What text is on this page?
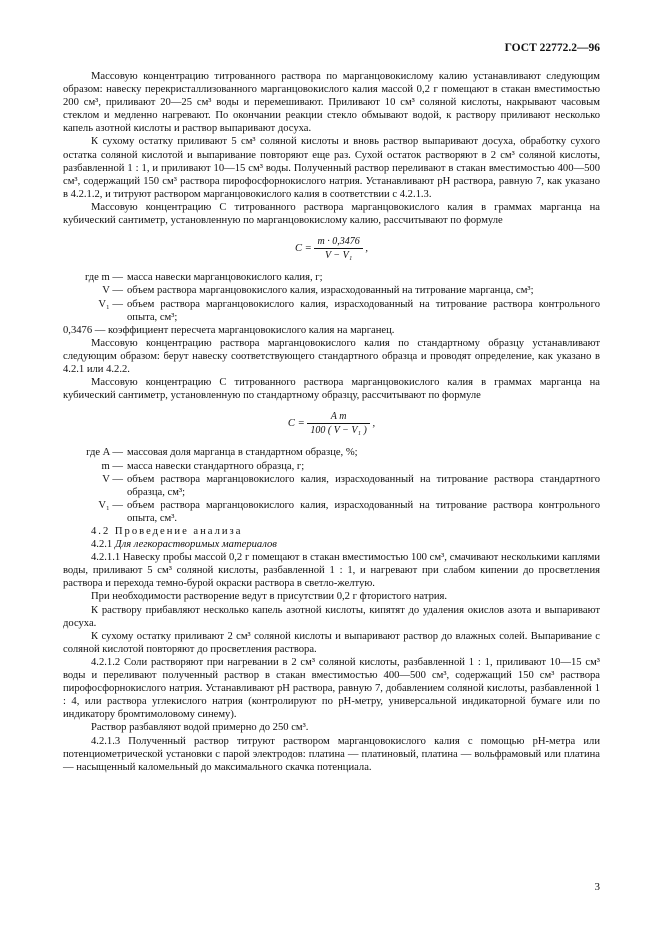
ГОСТ 22772.2—96

Массовую концентрацию титрованного раствора по марганцовокислому калию устанавливают следующим образом: навеску перекристаллизованного марганцовокислого калия массой 0,2 г помещают в стакан вместимостью 200 см³, приливают 20—25 см³ воды и перемешивают. Приливают 10 см³ соляной кислоты, накрывают часовым стеклом и медленно нагревают. По окончании реакции стекло обмывают водой, к раствору приливают несколько капель азотной кислоты и раствор выпаривают досуха.

К сухому остатку приливают 5 см³ соляной кислоты и вновь раствор выпаривают досуха, обработку сухого остатка соляной кислотой и выпаривание повторяют еще раз. Сухой остаток растворяют в 2 см³ соляной кислоты, разбавленной 1 : 1, и приливают 10—15 см³ воды. Полученный раствор переливают в стакан вместимостью 400—500 см³, содержащий 150 см³ раствора пирофосфорнокислого натрия. Устанавливают pH раствора, равную 7, как указано в 4.2.1.2, и титруют раствором марганцовокислого калия в соответствии с 4.2.1.3.

Массовую концентрацию C титрованного раствора марганцовокислого калия в граммах марганца на кубический сантиметр, установленную по марганцовокислому калию, рассчитывают по формуле

$C = \frac{m \cdot 0,3476}{\text{V − V₁}}$ ,
где m — масса навески марганцовокислого калия, г;
V — объем раствора марганцовокислого калия, израсходованный на титрование марганца, см³;
V₁ — объем раствора марганцовокислого калия, израсходованный на титрование раствора контрольного опыта, см³;

0,3476 — коэффициент пересчета марганцовокислого калия на марганец.

Массовую концентрацию раствора марганцовокислого калия по стандартному образцу устанавливают следующим образом: берут навеску соответствующего стандартного образца и проводят определение, как указано в 4.2.1 или 4.2.2.

Массовую концентрацию C титрованного раствора марганцовокислого калия в граммах марганца на кубический сантиметр, установленную по стандартному образцу, рассчитывают по формуле

$C = \frac{\text{A m}}{\text{100 ( V − V₁ )}}$ ,
где A — массовая доля марганца в стандартном образце, %;
m — масса навески стандартного образца, г;
V — объем раствора марганцовокислого калия, израсходованный на титрование раствора стандартного образца, см³;
V₁ — объем раствора марганцовокислого калия, израсходованный на титрование раствора контрольного опыта, см³.

4.2 Проведение анализа

4.2.1 Для легкорастворимых материалов

4.2.1.1 Навеску пробы массой 0,2 г помещают в стакан вместимостью 100 см³, смачивают несколькими каплями воды, приливают 5 см³ соляной кислоты, разбавленной 1 : 1, и нагревают при слабом кипении до просветления раствора и перехода темно-бурой окраски раствора в светло-желтую.

При необходимости растворение ведут в присутствии 0,2 г фтористого натрия.

К раствору прибавляют несколько капель азотной кислоты, кипятят до удаления окислов азота и выпаривают досуха.

К сухому остатку приливают 2 см³ соляной кислоты и выпаривают раствор до влажных солей. Выпаривание с соляной кислотой повторяют до просветления раствора.

4.2.1.2 Соли растворяют при нагревании в 2 см³ соляной кислоты, разбавленной 1 : 1, приливают 10—15 см³ воды и переливают полученный раствор в стакан вместимостью 400—500 см³, содержащий 150 см³ раствора пирофосфорнокислого натрия. Устанавливают pH раствора, равную 7, добавлением соляной кислоты, разбавленной 1 : 4, или раствора углекислого натрия (контролируют по pH-метру, универсальной индикаторной бумаге или по индикатору бромтимоловому синему).

Раствор разбавляют водой примерно до 250 см³.

4.2.1.3 Полученный раствор титруют раствором марганцовокислого калия с помощью pH-метра или потенциометрической установки с парой электродов: платина — платиновый, платина — вольфрамовый или платина — насыщенный каломельный до максимального скачка потенциала.

3
